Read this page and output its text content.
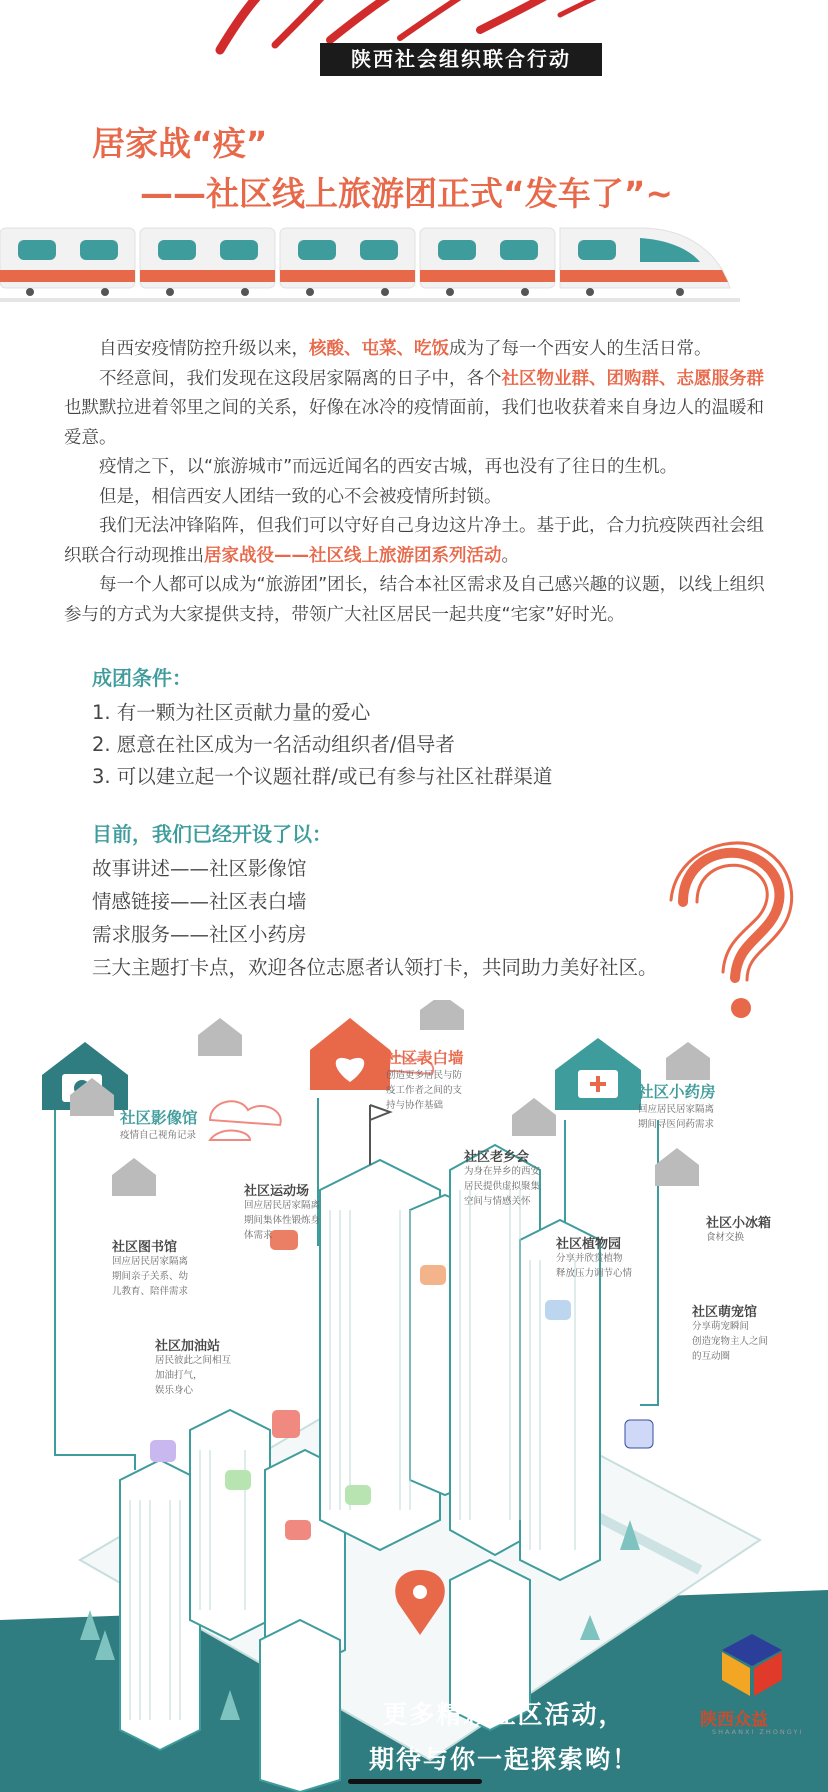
陕西社会组织联合行动
居家战“疫”
——社区线上旅游团正式“发车了”~

自西安疫情防控升级以来，核酸、屯菜、吃饭成为了每一个西安人的生活日常。

不经意间，我们发现在这段居家隔离的日子中，各个社区物业群、团购群、志愿服务群也默默拉进着邻里之间的关系，好像在冰冷的疫情面前，我们也收获着来自身边人的温暖和爱意。

疫情之下，以“旅游城市”而远近闻名的西安古城，再也没有了往日的生机。

但是，相信西安人团结一致的心不会被疫情所封锁。

我们无法冲锋陷阵，但我们可以守好自己身边这片净土。基于此，合力抗疫陕西社会组织联合行动现推出居家战役——社区线上旅游团系列活动。

每一个人都可以成为“旅游团”团长，结合本社区需求及自己感兴趣的议题，以线上组织参与的方式为大家提供支持，带领广大社区居民一起共度“宅家”好时光。

成团条件：
1. 有一颗为社区贡献力量的爱心
2. 愿意在社区成为一名活动组织者/倡导者
3. 可以建立起一个议题社群/或已有参与社区社群渠道
目前，我们已经开设了以：
故事讲述——社区影像馆
情感链接——社区表白墙
需求服务——社区小药房
三大主题打卡点，欢迎各位志愿者认领打卡，共同助力美好社区。
社区影像馆
疫情自己视角记录
社区表白墙
创造更多居民与防
疫工作者之间的支
持与协作基础
社区小药房
回应居民居家隔离
期间寻医问药需求
社区运动场
回应居民居家隔离
期间集体性锻炼身
体需求
社区老乡会
为身在异乡的西安
居民提供虚拟聚集
空间与情感关怀
社区小冰箱
食材交换
社区图书馆
回应居民居家隔离
期间亲子关系、幼
儿教育、陪伴需求
社区植物园
分享并欣赏植物
释放压力调节心情
社区萌宠馆
分享萌宠瞬间
创造宠物主人之间
的互动圈
社区加油站
居民彼此之间相互
加油打气，
娱乐身心
陕西众益
SHAANXI ZHONGYI
更多精彩社区活动，
期待与你一起探索哟！
